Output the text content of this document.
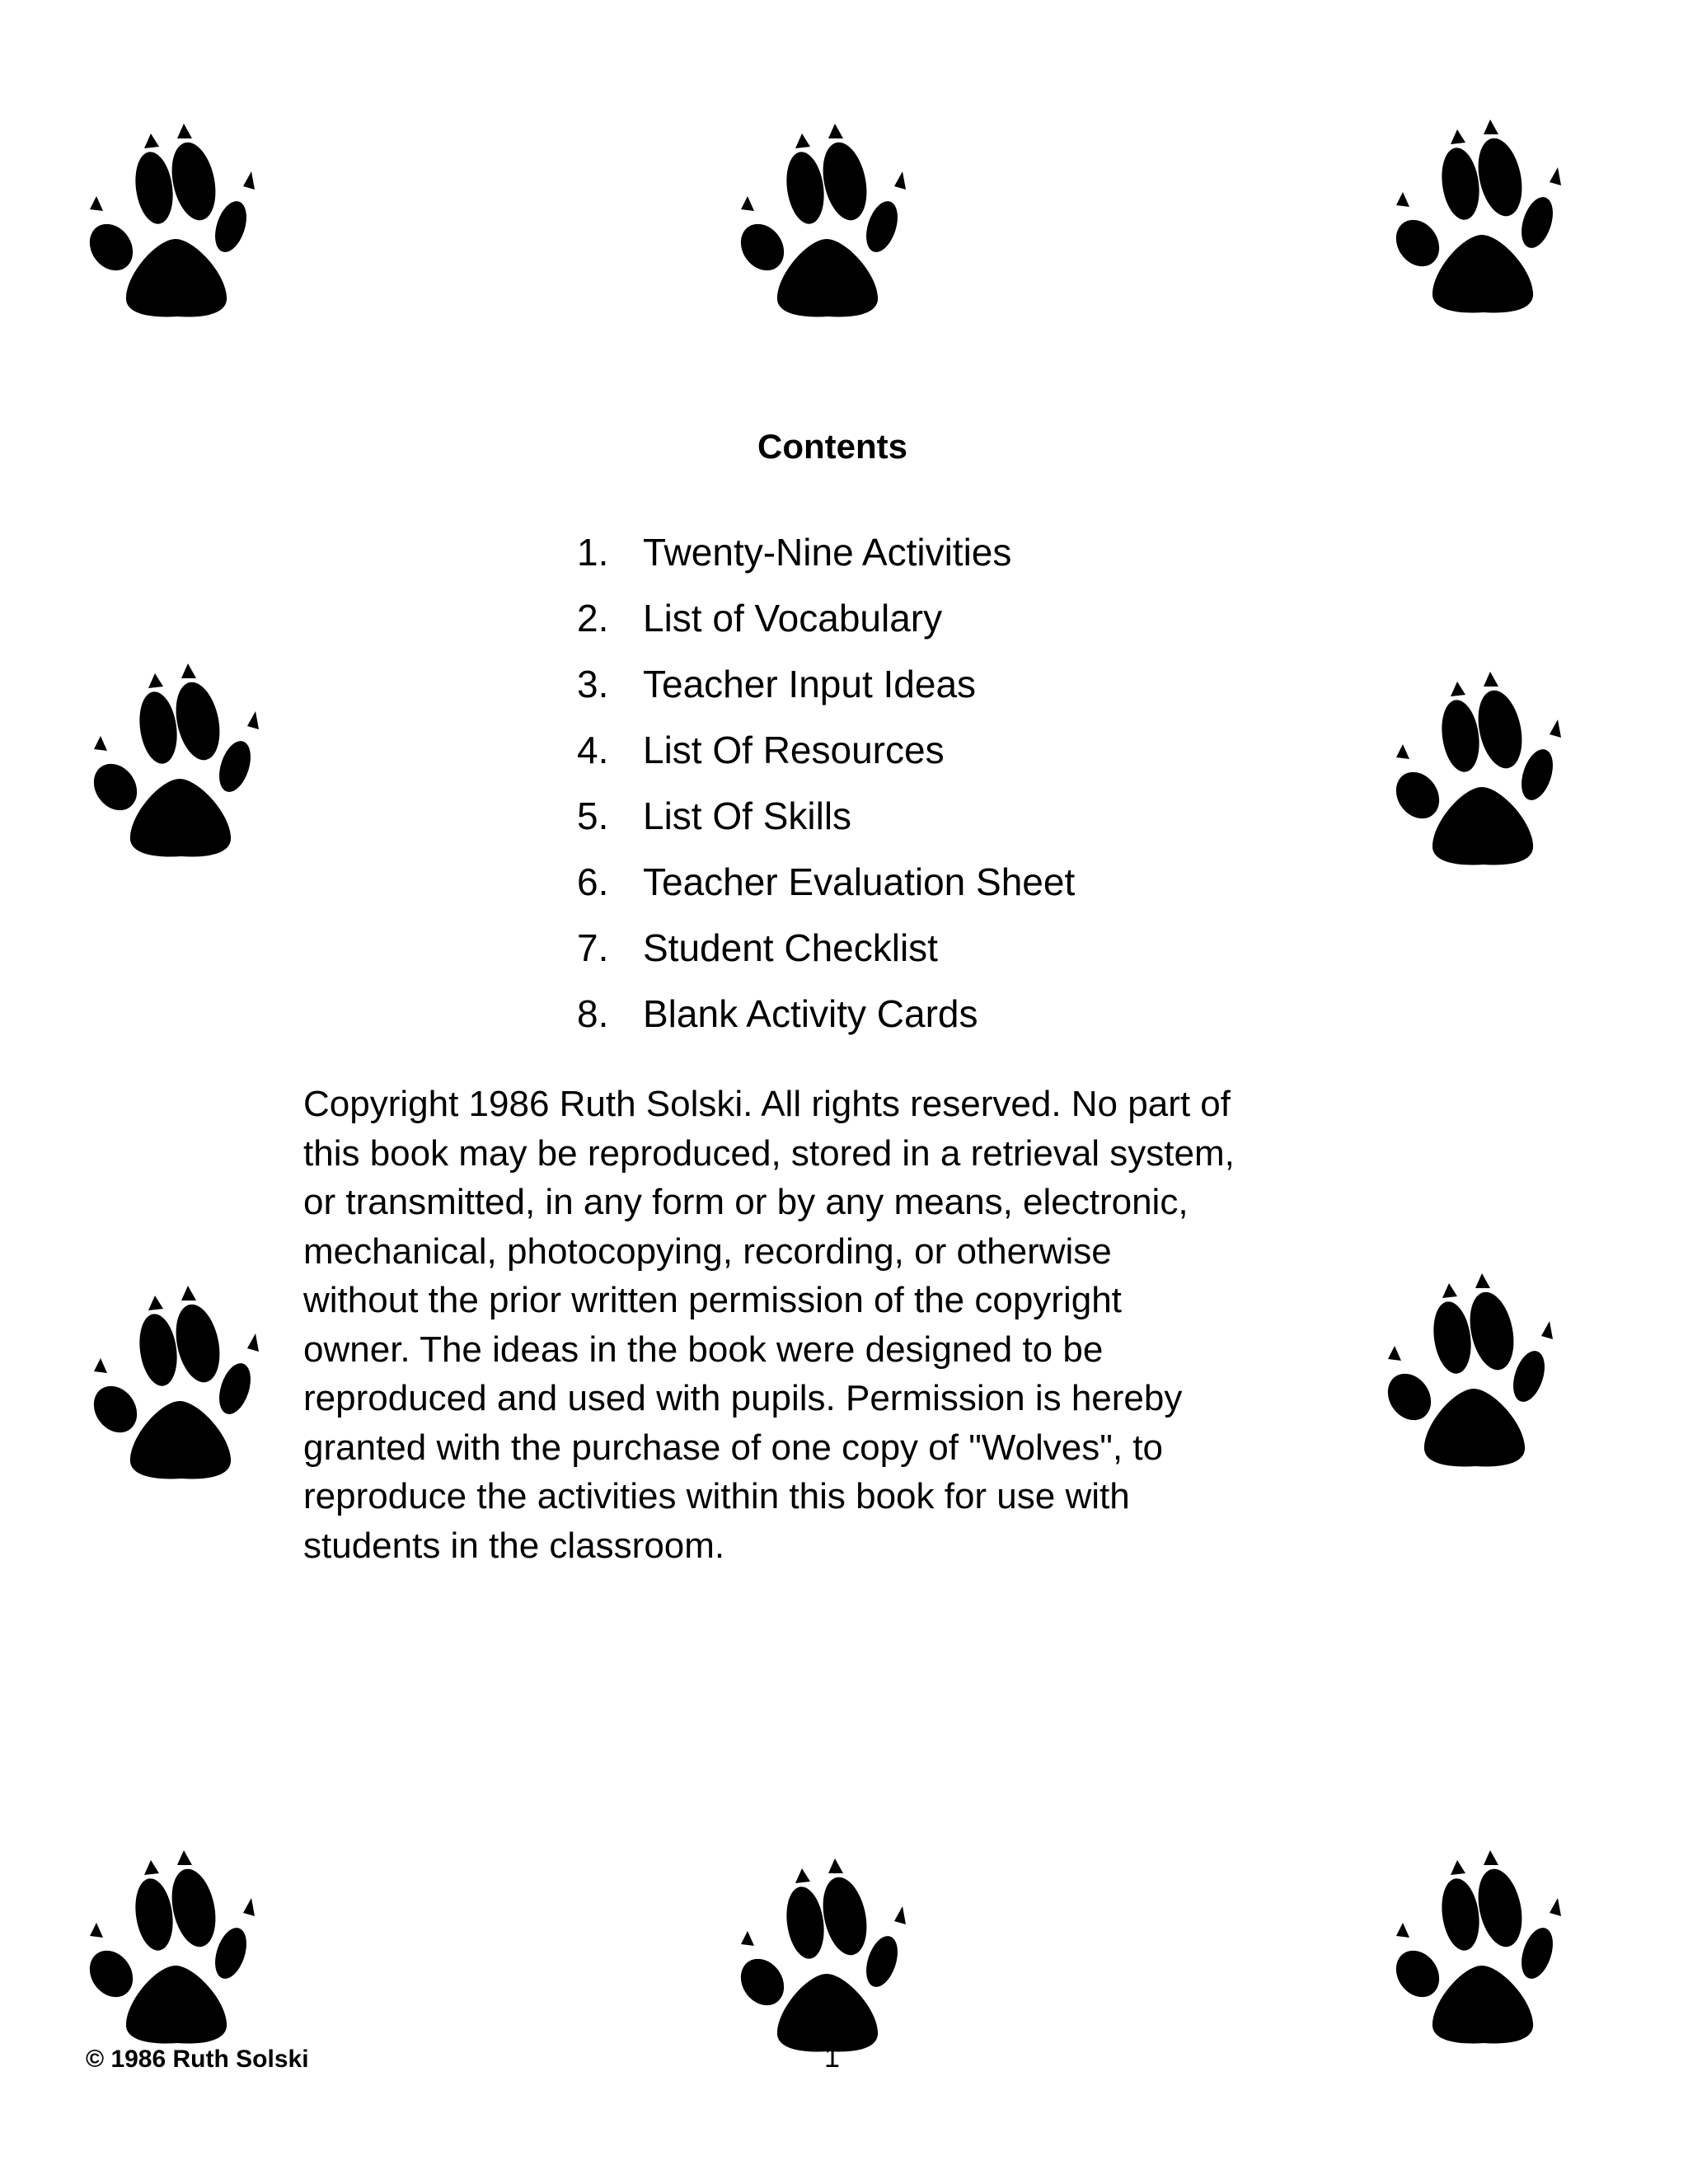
Contents
1. Twenty-Nine Activities
2. List of Vocabulary
3. Teacher Input Ideas
4. List Of Resources
5. List Of Skills
6. Teacher Evaluation Sheet
7. Student Checklist
8. Blank Activity Cards

Copyright 1986 Ruth Solski. All rights reserved. No part of
this book may be reproduced, stored in a retrieval system,
or transmitted, in any form or by any means, electronic,
mechanical, photocopying, recording, or otherwise
without the prior written permission of the copyright
owner. The ideas in the book were designed to be
reproduced and used with pupils. Permission is hereby
granted with the purchase of one copy of "Wolves", to
reproduce the activities within this book for use with
students in the classroom.

© 1986 Ruth Solski	1
